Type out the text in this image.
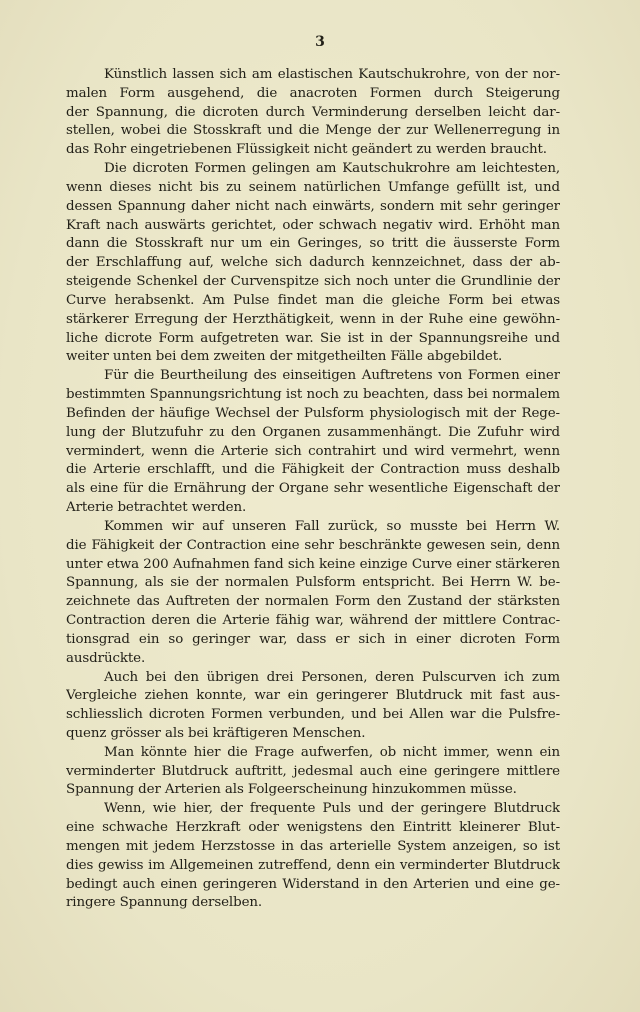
3
Künstlich lassen sich am elastischen Kautschukrohre, von der nor-
malen Form ausgehend, die anacroten Formen durch Steigerung
der Spannung, die dicroten durch Verminderung derselben leicht dar-
stellen, wobei die Stosskraft und die Menge der zur Wellenerregung in
das Rohr eingetriebenen Flüssigkeit nicht geändert zu werden braucht.
Die dicroten Formen gelingen am Kautschukrohre am leichtesten,
wenn dieses nicht bis zu seinem natürlichen Umfange gefüllt ist, und
dessen Spannung daher nicht nach einwärts, sondern mit sehr geringer
Kraft nach auswärts gerichtet, oder schwach negativ wird. Erhöht man
dann die Stosskraft nur um ein Geringes, so tritt die äusserste Form
der Erschlaffung auf, welche sich dadurch kennzeichnet, dass der ab-
steigende Schenkel der Curvenspitze sich noch unter die Grundlinie der
Curve herabsenkt. Am Pulse findet man die gleiche Form bei etwas
stärkerer Erregung der Herzthätigkeit, wenn in der Ruhe eine gewöhn-
liche dicrote Form aufgetreten war. Sie ist in der Spannungsreihe und
weiter unten bei dem zweiten der mitgetheilten Fälle abgebildet.
Für die Beurtheilung des einseitigen Auftretens von Formen einer
bestimmten Spannungsrichtung ist noch zu beachten, dass bei normalem
Befinden der häufige Wechsel der Pulsform physiologisch mit der Rege-
lung der Blutzufuhr zu den Organen zusammenhängt. Die Zufuhr wird
vermindert, wenn die Arterie sich contrahirt und wird vermehrt, wenn
die Arterie erschlafft, und die Fähigkeit der Contraction muss deshalb
als eine für die Ernährung der Organe sehr wesentliche Eigenschaft der
Arterie betrachtet werden.
Kommen wir auf unseren Fall zurück, so musste bei Herrn W.
die Fähigkeit der Contraction eine sehr beschränkte gewesen sein, denn
unter etwa 200 Aufnahmen fand sich keine einzige Curve einer stärkeren
Spannung, als sie der normalen Pulsform entspricht. Bei Herrn W. be-
zeichnete das Auftreten der normalen Form den Zustand der stärksten
Contraction deren die Arterie fähig war, während der mittlere Contrac-
tionsgrad ein so geringer war, dass er sich in einer dicroten Form
ausdrückte.
Auch bei den übrigen drei Personen, deren Pulscurven ich zum
Vergleiche ziehen konnte, war ein geringerer Blutdruck mit fast aus-
schliesslich dicroten Formen verbunden, und bei Allen war die Pulsfre-
quenz grösser als bei kräftigeren Menschen.
Man könnte hier die Frage aufwerfen, ob nicht immer, wenn ein
verminderter Blutdruck auftritt, jedesmal auch eine geringere mittlere
Spannung der Arterien als Folgeerscheinung hinzukommen müsse.
Wenn, wie hier, der frequente Puls und der geringere Blutdruck
eine schwache Herzkraft oder wenigstens den Eintritt kleinerer Blut-
mengen mit jedem Herzstosse in das arterielle System anzeigen, so ist
dies gewiss im Allgemeinen zutreffend, denn ein verminderter Blutdruck
bedingt auch einen geringeren Widerstand in den Arterien und eine ge-
ringere Spannung derselben.
